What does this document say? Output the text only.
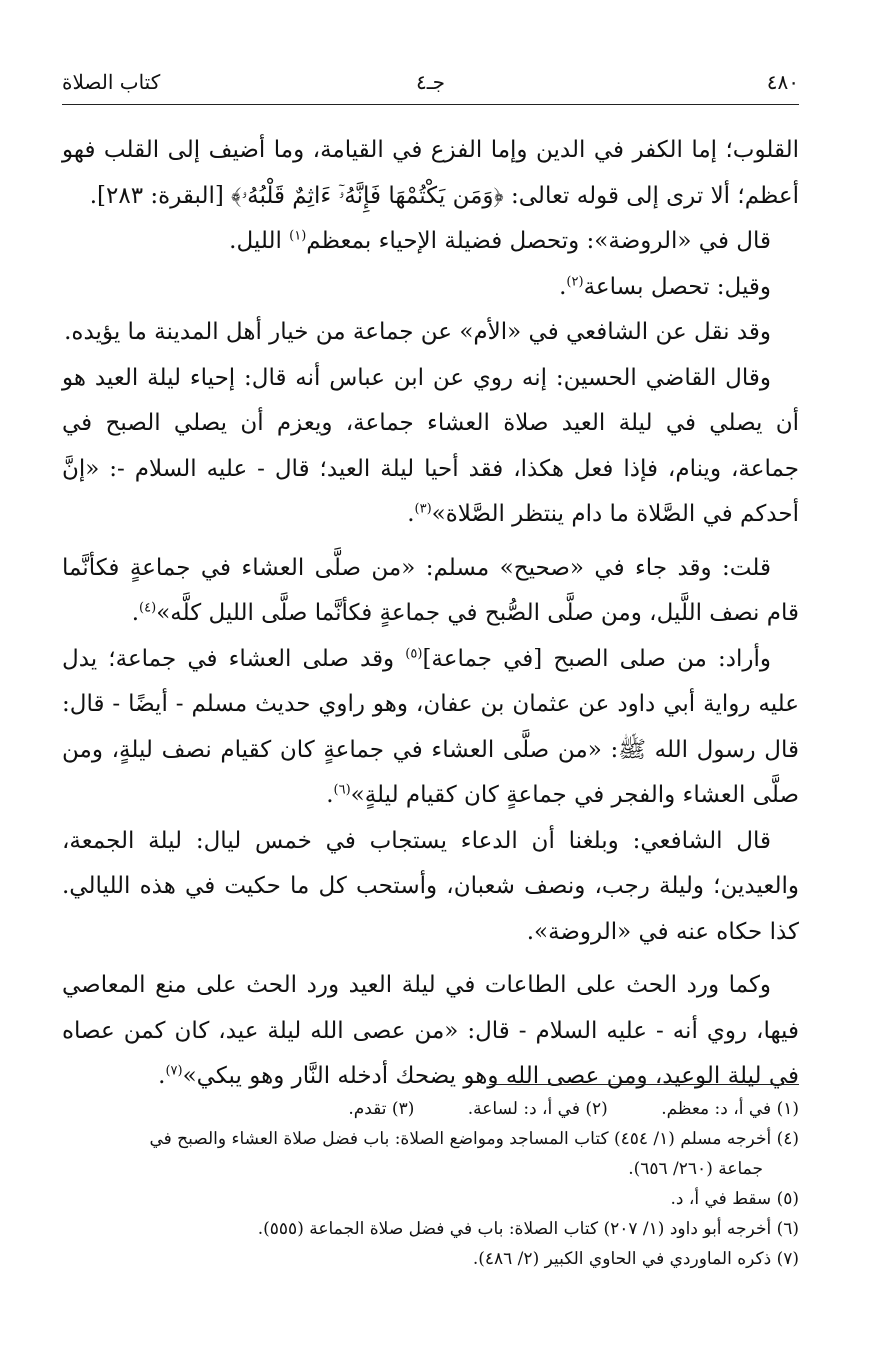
٤٨٠
جـ٤
كتاب الصلاة

القلوب؛ إما الكفر في الدين وإما الفزع في القيامة، وما أضيف إلى القلب فهو أعظم؛ ألا ترى إلى قوله تعالى: ﴿وَمَن يَكْتُمْهَا فَإِنَّهُۥٓ ءَاثِمٌ قَلْبُهُۥ﴾ [البقرة: ٢٨٣].

قال في «الروضة»: وتحصل فضيلة الإحياء بمعظم$^{(١)}$ الليل.

وقيل: تحصل بساعة$^{(٢)}$.

وقد نقل عن الشافعي في «الأم» عن جماعة من خيار أهل المدينة ما يؤيده.

وقال القاضي الحسين: إنه روي عن ابن عباس أنه قال: إحياء ليلة العيد هو أن يصلي في ليلة العيد صلاة العشاء جماعة، ويعزم أن يصلي الصبح في جماعة، وينام، فإذا فعل هكذا، فقد أحيا ليلة العيد؛ قال - عليه السلام -: «إنَّ أحدكم في الصَّلاة ما دام ينتظر الصَّلاة»$^{(٣)}$.

قلت: وقد جاء في «صحيح» مسلم: «من صلَّى العشاء في جماعةٍ فكأنَّما قام نصف اللَّيل، ومن صلَّى الصُّبح في جماعةٍ فكأنَّما صلَّى الليل كلَّه»$^{(٤)}$.

وأراد: من صلى الصبح [في جماعة]$^{(٥)}$ وقد صلى العشاء في جماعة؛ يدل عليه رواية أبي داود عن عثمان بن عفان، وهو راوي حديث مسلم - أيضًا - قال: قال رسول الله ﷺ: «من صلَّى العشاء في جماعةٍ كان كقيام نصف ليلةٍ، ومن صلَّى العشاء والفجر في جماعةٍ كان كقيام ليلةٍ»$^{(٦)}$.

قال الشافعي: وبلغنا أن الدعاء يستجاب في خمس ليال: ليلة الجمعة، والعيدين؛ وليلة رجب، ونصف شعبان، وأستحب كل ما حكيت في هذه الليالي. كذا حكاه عنه في «الروضة».

وكما ورد الحث على الطاعات في ليلة العيد ورد الحث على منع المعاصي فيها، روي أنه - عليه السلام - قال: «من عصى الله ليلة عيد، كان كمن عصاه في ليلة الوعيد، ومن عصى الله وهو يضحك أدخله النَّار وهو يبكي»$^{(٧)}$.

(١) في أ، د: معظم. (٢) في أ، د: لساعة. (٣) تقدم.
(٤) أخرجه مسلم (١/ ٤٥٤) كتاب المساجد ومواضع الصلاة: باب فضل صلاة العشاء والصبح في
جماعة (٢٦٠/ ٦٥٦).
(٥) سقط في أ، د.
(٦) أخرجه أبو داود (١/ ٢٠٧) كتاب الصلاة: باب في فضل صلاة الجماعة (٥٥٥).
(٧) ذكره الماوردي في الحاوي الكبير (٢/ ٤٨٦).
